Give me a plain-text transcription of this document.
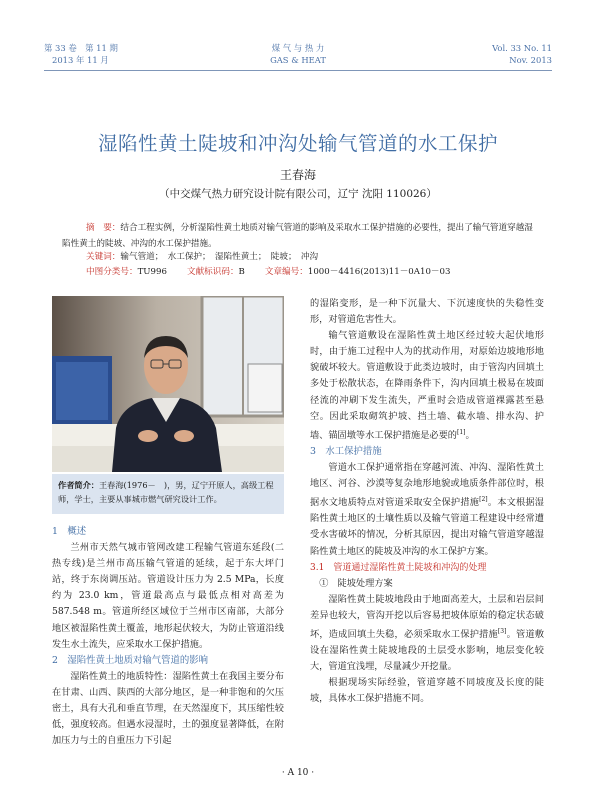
第 33 卷　第 11 期
2013 年 11 月
煤 气 与 热 力
GAS & HEAT
Vol. 33 No. 11
Nov. 2013
湿陷性黄土陡坡和冲沟处输气管道的水工保护
王春海
（中交煤气热力研究设计院有限公司，辽宁 沈阳 110026）
摘　要：结合工程实例，分析湿陷性黄土地质对输气管道的影响及采取水工保护措施的必要性，提出了输气管道穿越湿陷性黄土的陡坡、冲沟的水工保护措施。
关键词：输气管道；　水工保护；　湿陷性黄土；　陡坡；　冲沟
中图分类号：TU996 文献标识码：B 文章编号：1000－4416(2013)11－0A10－03
作者简介：王春海(1976－　)，男，辽宁开原人，高级工程师，学士，主要从事城市燃气研究设计工作。

1　概述

兰州市天然气城市管网改建工程输气管道东延段(二热专线)是兰州市高压输气管道的延续，起于东大坪门站，终于东岗调压站。管道设计压力为 2.5 MPa，长度约为 23.0 km，管道最高点与最低点相对高差为 587.548 m。管道所经区域位于兰州市区南部，大部分地区被湿陷性黄土覆盖，地形起伏较大，为防止管道沿线发生水土流失，应采取水工保护措施。

2　湿陷性黄土地质对输气管道的影响

湿陷性黄土的地质特性：湿陷性黄土在我国主要分布在甘肃、山西、陕西的大部分地区，是一种非饱和的欠压密土，具有大孔和垂直节理，在天然湿度下，其压缩性较低，强度较高。但遇水浸湿时，土的强度显著降低，在附加压力与土的自重压力下引起

的湿陷变形，是一种下沉量大、下沉速度快的失稳性变形，对管道危害性大。

输气管道敷设在湿陷性黄土地区经过较大起伏地形时，由于施工过程中人为的扰动作用，对原始边坡地形地貌破坏较大。管道敷设于此类边坡时，由于管沟内回填土多处于松散状态，在降雨条件下，沟内回填土极易在坡面径流的冲刷下发生流失，严重时会造成管道裸露甚至悬空。因此采取砌筑护坡、挡土墙、截水墙、排水沟、护墙、锚固墩等水工保护措施是必要的[1]。

3　水工保护措施

管道水工保护通常指在穿越河流、冲沟、湿陷性黄土地区、河谷、沙漠等复杂地形地貌或地质条件部位时，根据水文地质特点对管道采取安全保护措施[2]。本文根据湿陷性黄土地区的土壤性质以及输气管道工程建设中经常遭受水害破坏的情况，分析其原因，提出对输气管道穿越湿陷性黄土地区的陡坡及冲沟的水工保护方案。

3.1　管道通过湿陷性黄土陡坡和冲沟的处理

①　陡坡处理方案

湿陷性黄土陡坡地段由于地面高差大，土层和岩层间差异也较大，管沟开挖以后容易把坡体原始的稳定状态破坏，造成回填土失稳，必须采取水工保护措施[3]。管道敷设在湿陷性黄土陡坡地段的土层受水影响，地层变化较大，管道宜浅埋，尽量减少开挖量。

根据现场实际经验，管道穿越不同坡度及长度的陡坡，具体水工保护措施不同。

· A 10 ·
